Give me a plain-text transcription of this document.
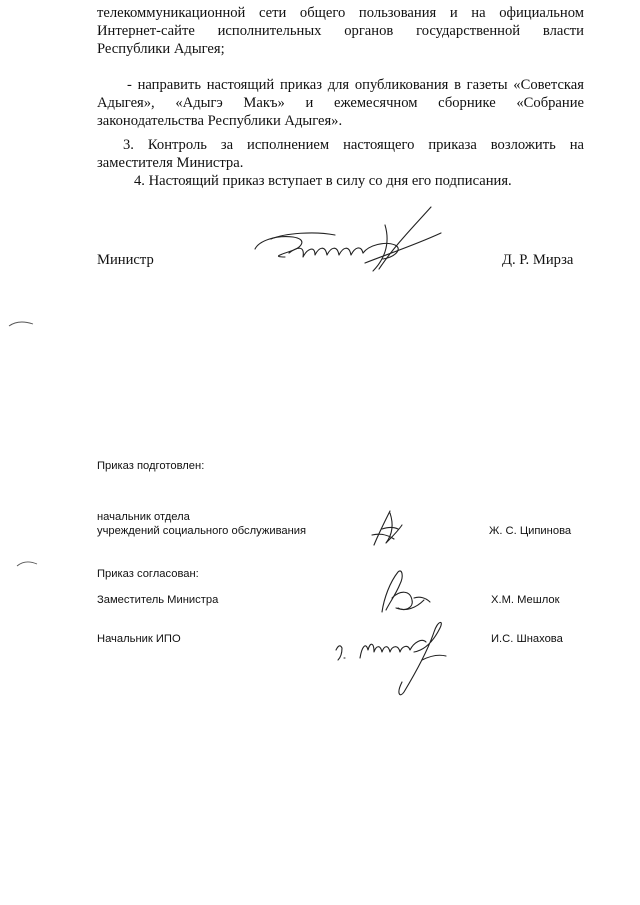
телекоммуникационной сети общего пользования и на официальном
Интернет-сайте исполнительных органов государственной власти
Республики Адыгея;
- направить настоящий приказ для опубликования в газеты «Советская
Адыгея», «Адыгэ Макъ» и ежемесячном сборнике «Собрание
законодательства Республики Адыгея».
3. Контроль за исполнением настоящего приказа возложить на
заместителя Министра.
4. Настоящий приказ вступает в силу со дня его подписания.
Министр	Д. Р. Мирза
Приказ подготовлен:
начальник отдела
учреждений социального обслуживания	Ж. С. Ципинова
Приказ согласован:
Заместитель Министра	Х.М. Мешлок
Начальник ИПО	И.С. Шнахова
